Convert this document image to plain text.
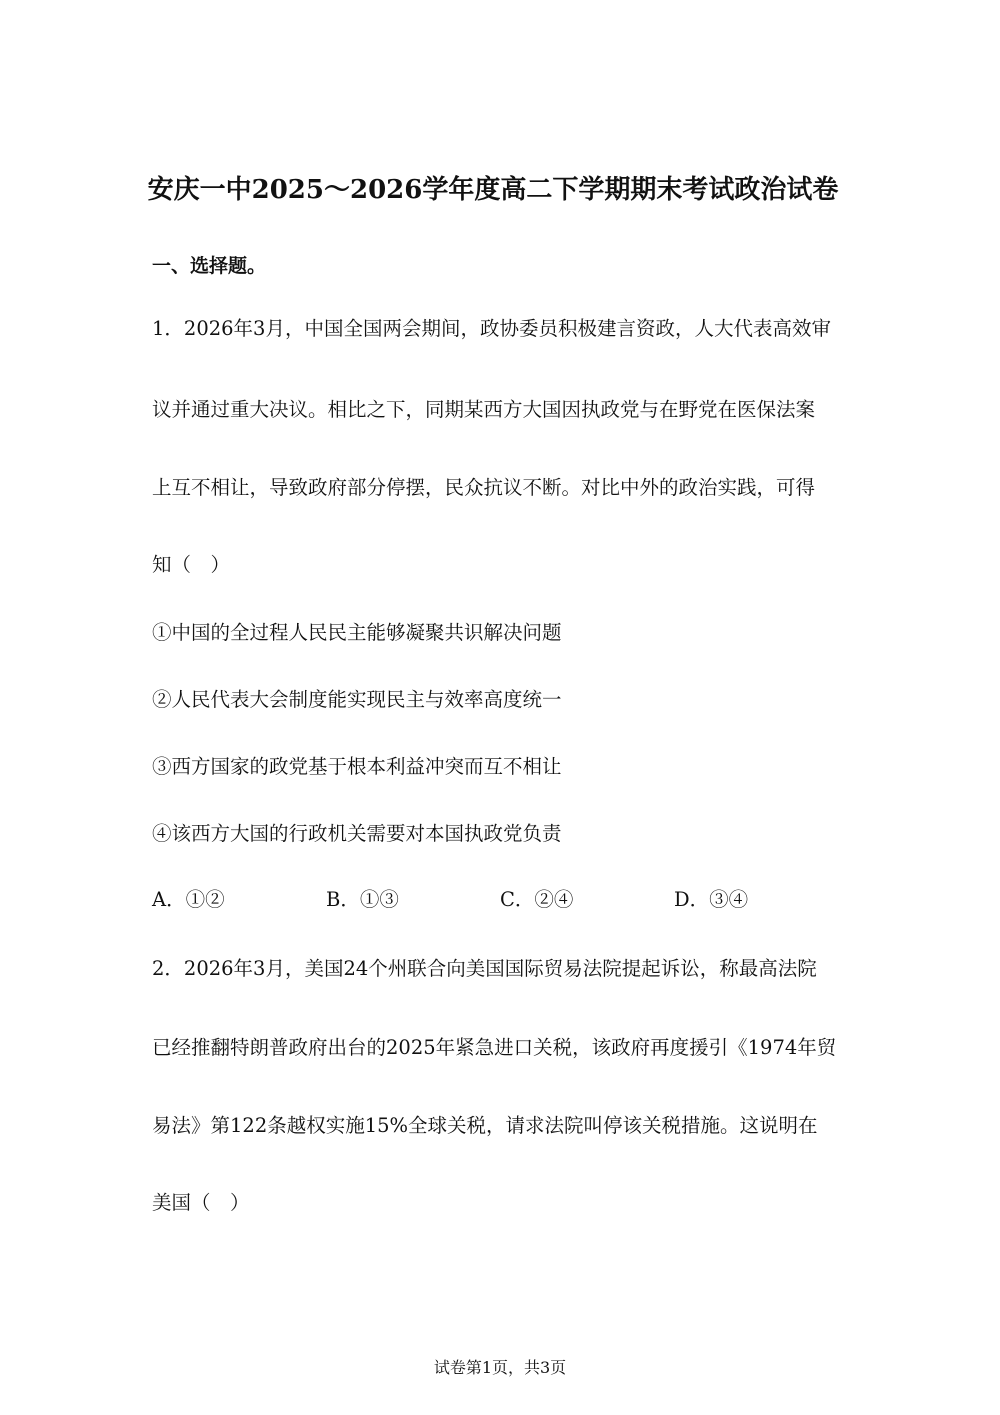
安庆一中2025～2026学年度高二下学期期末考试政治试卷
一、选择题。
1．2026年3月，中国全国两会期间，政协委员积极建言资政，人大代表高效审
议并通过重大决议。相比之下，同期某西方大国因执政党与在野党在医保法案
上互不相让，导致政府部分停摆，民众抗议不断。对比中外的政治实践，可得
知（　）
①中国的全过程人民民主能够凝聚共识解决问题
②人民代表大会制度能实现民主与效率高度统一
③西方国家的政党基于根本利益冲突而互不相让
④该西方大国的行政机关需要对本国执政党负责
A．①②	B．①③	C．②④	D．③④
2．2026年3月，美国24个州联合向美国国际贸易法院提起诉讼，称最高法院
已经推翻特朗普政府出台的2025年紧急进口关税，该政府再度援引《1974年贸
易法》第122条越权实施15%全球关税，请求法院叫停该关税措施。这说明在
美国（　）
试卷第1页，共3页
